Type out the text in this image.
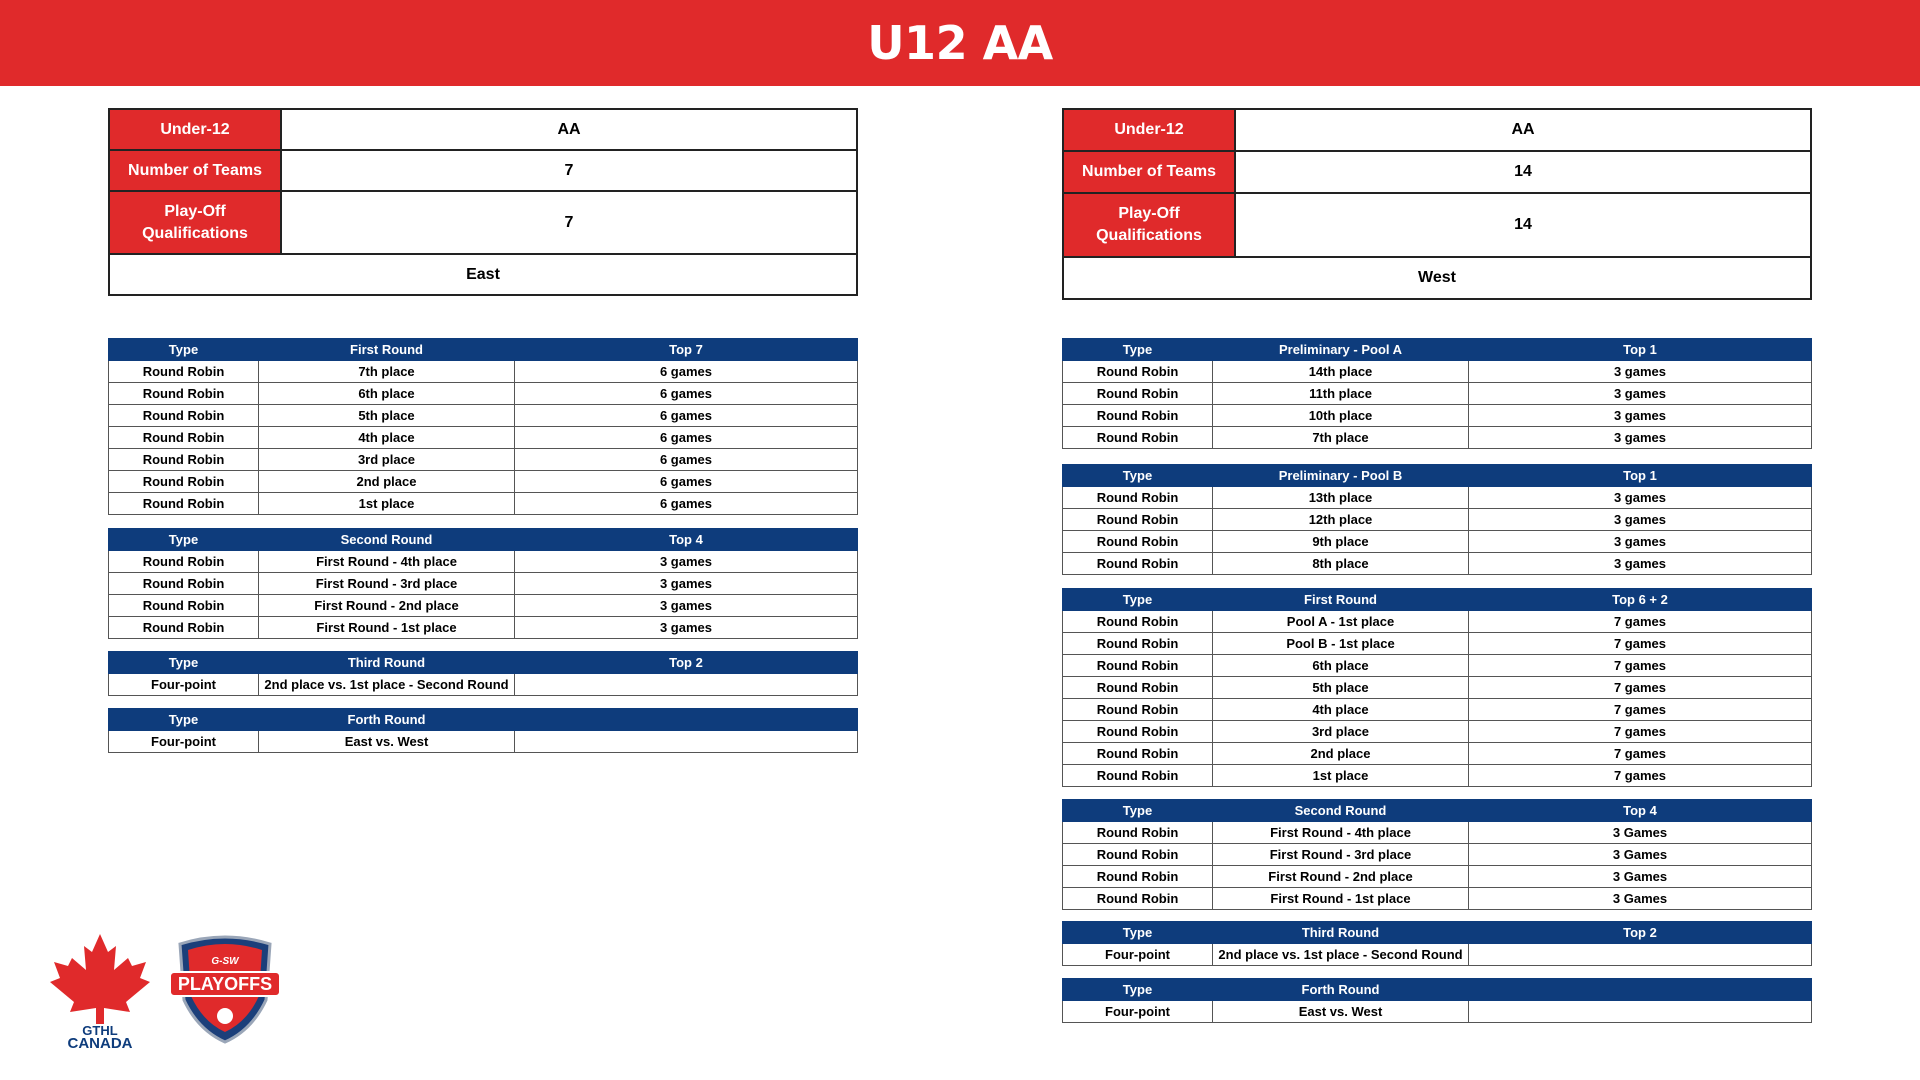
U12 AA
Under-12	AA
Number of Teams	7
Play-Off Qualifications	7
East	
Under-12	AA
Number of Teams	14
Play-Off Qualifications	14
West	
Type	First Round	Top 7
Round Robin	7th place	6 games
Round Robin	6th place	6 games
Round Robin	5th place	6 games
Round Robin	4th place	6 games
Round Robin	3rd place	6 games
Round Robin	2nd place	6 games
Round Robin	1st place	6 games
Type	Second Round	Top 4
Round Robin	First Round - 4th place	3 games
Round Robin	First Round - 3rd place	3 games
Round Robin	First Round - 2nd place	3 games
Round Robin	First Round - 1st place	3 games
Type	Third Round	Top 2
Four-point	2nd place vs. 1st place - Second Round	
Type	Forth Round	
Four-point	East vs. West	
Type	Preliminary - Pool A	Top 1
Round Robin	14th place	3 games
Round Robin	11th place	3 games
Round Robin	10th place	3 games
Round Robin	7th place	3 games
Type	Preliminary - Pool B	Top 1
Round Robin	13th place	3 games
Round Robin	12th place	3 games
Round Robin	9th place	3 games
Round Robin	8th place	3 games
Type	First Round	Top 6 + 2
Round Robin	Pool A - 1st place	7 games
Round Robin	Pool B - 1st place	7 games
Round Robin	6th place	7 games
Round Robin	5th place	7 games
Round Robin	4th place	7 games
Round Robin	3rd place	7 games
Round Robin	2nd place	7 games
Round Robin	1st place	7 games
Type	Second Round	Top 4
Round Robin	First Round - 4th place	3 Games
Round Robin	First Round - 3rd place	3 Games
Round Robin	First Round - 2nd place	3 Games
Round Robin	First Round - 1st place	3 Games
Type	Third Round	Top 2
Four-point	2nd place vs. 1st place - Second Round	
Type	Forth Round	
Four-point	East vs. West	
GTHL
CANADA
G-SW
PLAYOFFS
